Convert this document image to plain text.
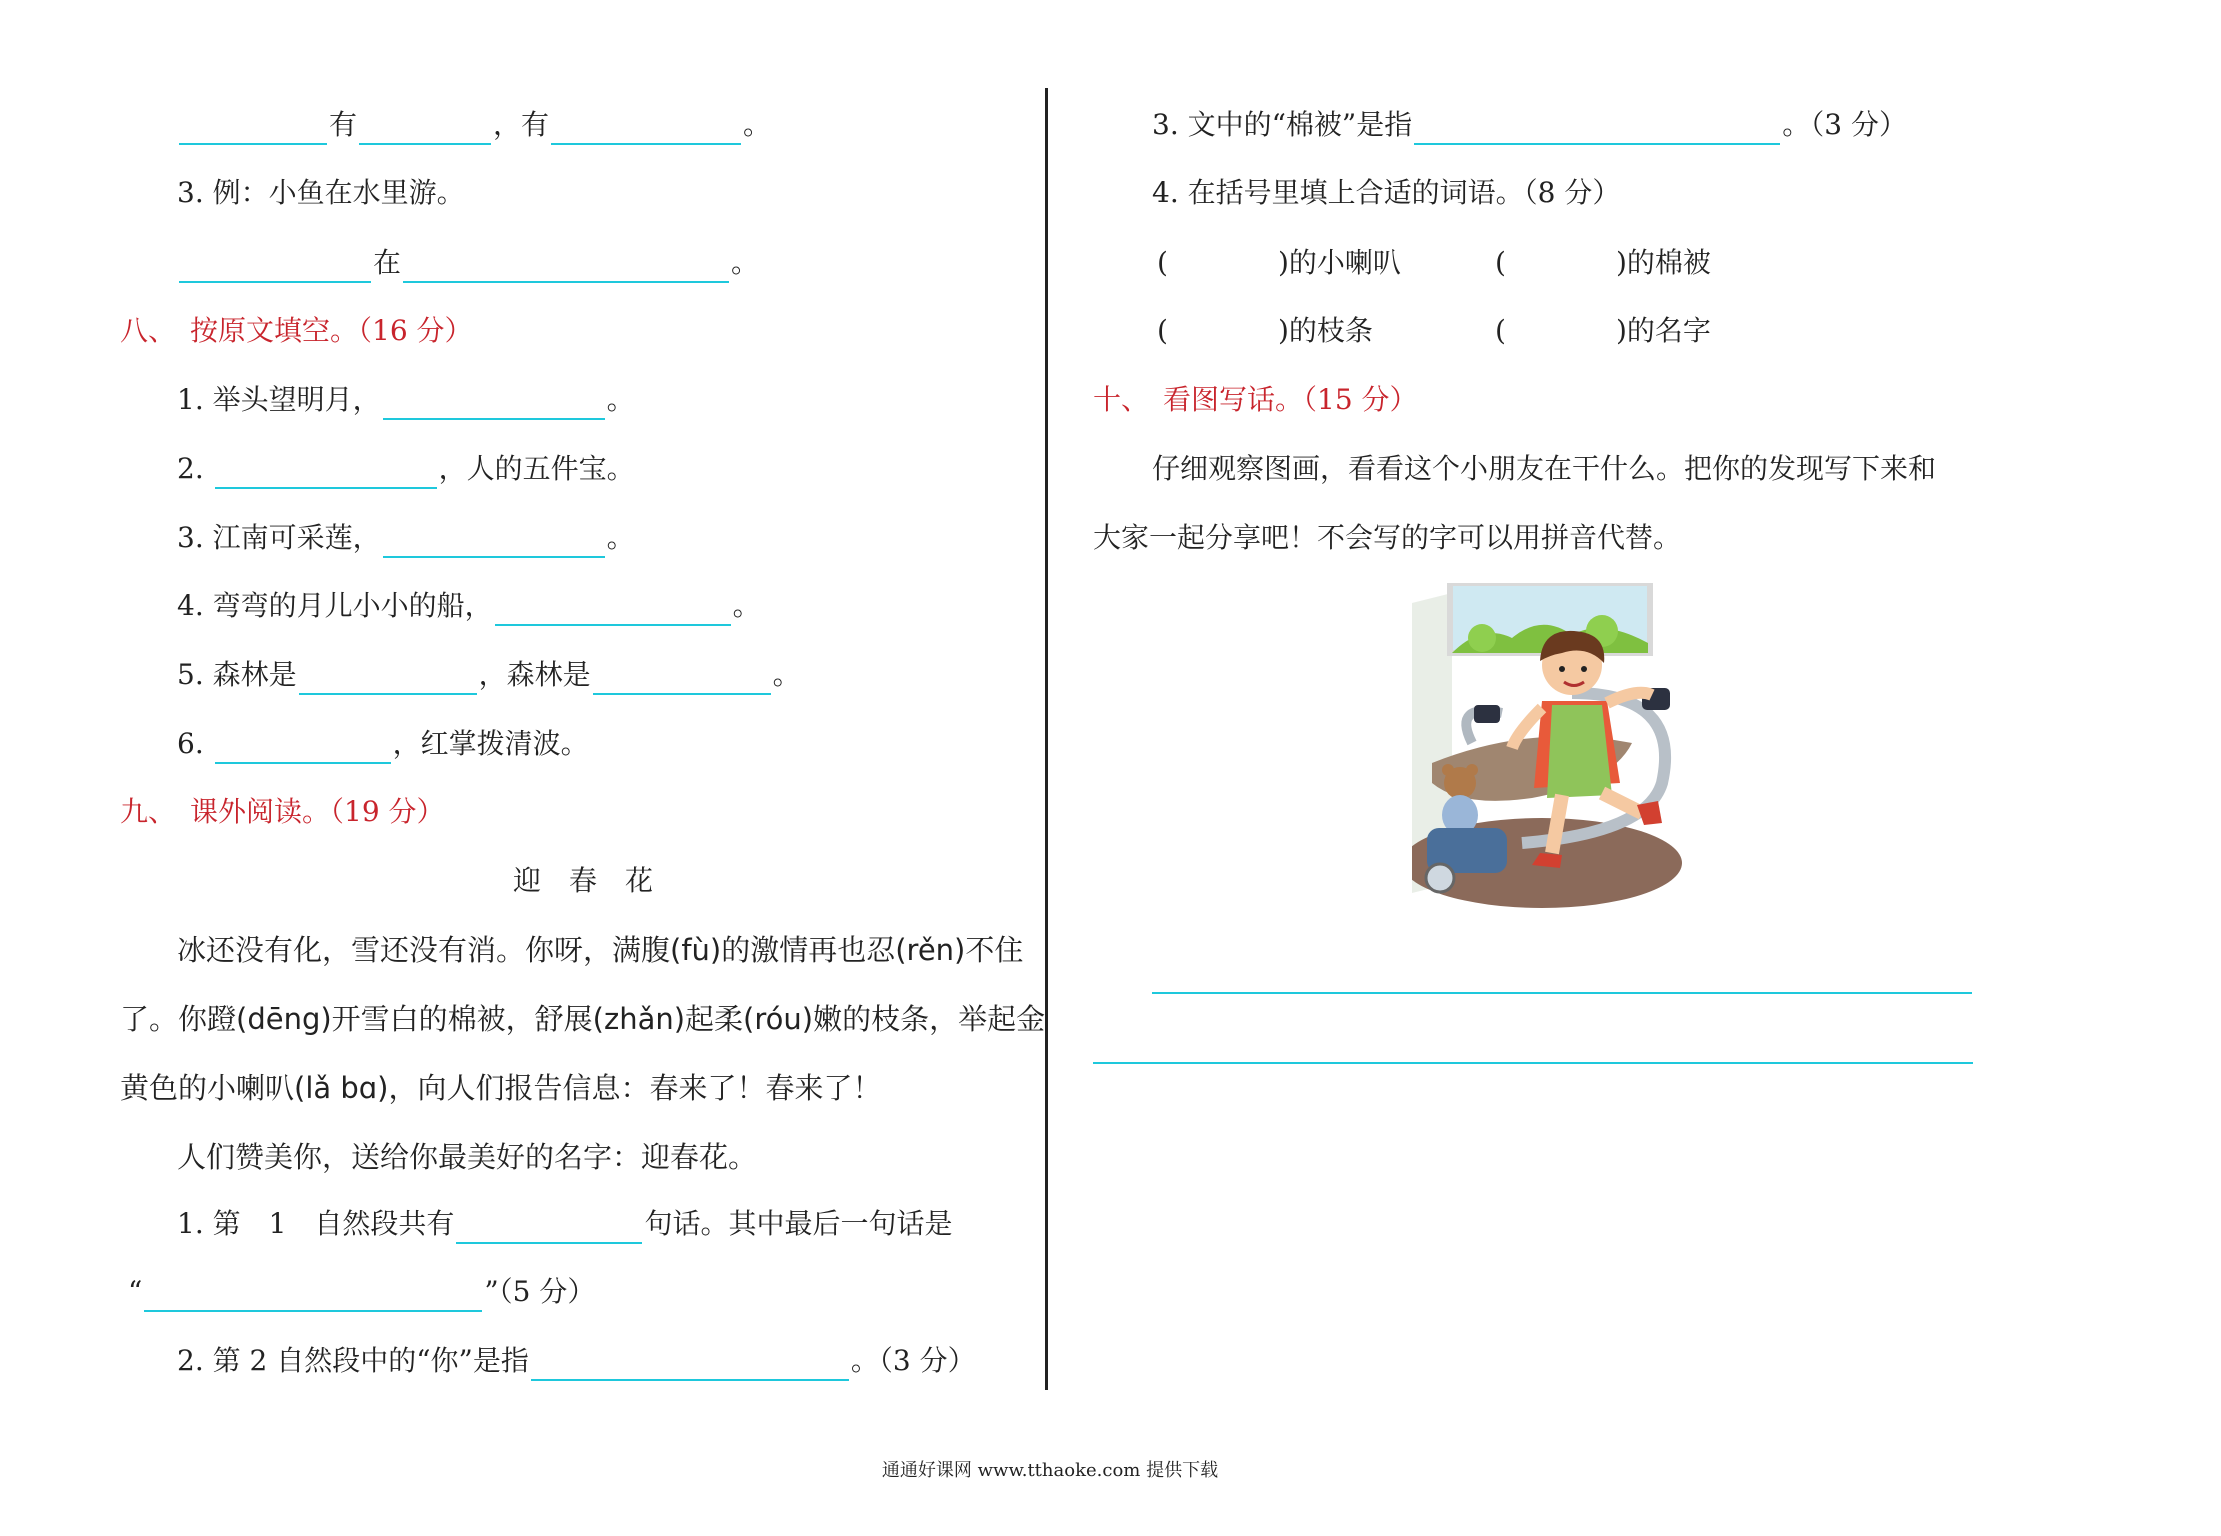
有	，有	。
3. 例：小鱼在水里游。
在	。
八、　按原文填空。（16 分）
1. 举头望明月，	。
2.	，人的五件宝。
3. 江南可采莲，	。
4. 弯弯的月儿小小的船，	。
5. 森林是	，森林是	。
6.	，红掌拨清波。
九、　课外阅读。（19 分）
迎　春　花
冰还没有化，雪还没有消。你呀，满腹(fù)的激情再也忍(rěn)不住
了。你蹬(dēng)开雪白的棉被，舒展(zhǎn)起柔(róu)嫩的枝条，举起金
黄色的小喇叭(lǎ bɑ)，向人们报告信息：春来了！春来了！
人们赞美你，送给你最美好的名字：迎春花。
1. 第　1　自然段共有	句话。其中最后一句话是
“	”（5 分）
2. 第 2 自然段中的“你”是指	。（3 分）
3. 文中的“棉被”是指	。（3 分）
4. 在括号里填上合适的词语。（8 分）
(	)的小喇叭	(	)的棉被
(	)的枝条	(	)的名字
十、　看图写话。（15 分）
仔细观察图画，看看这个小朋友在干什么。把你的发现写下来和
大家一起分享吧！不会写的字可以用拼音代替。
通通好课网 www.tthaoke.com 提供下载
